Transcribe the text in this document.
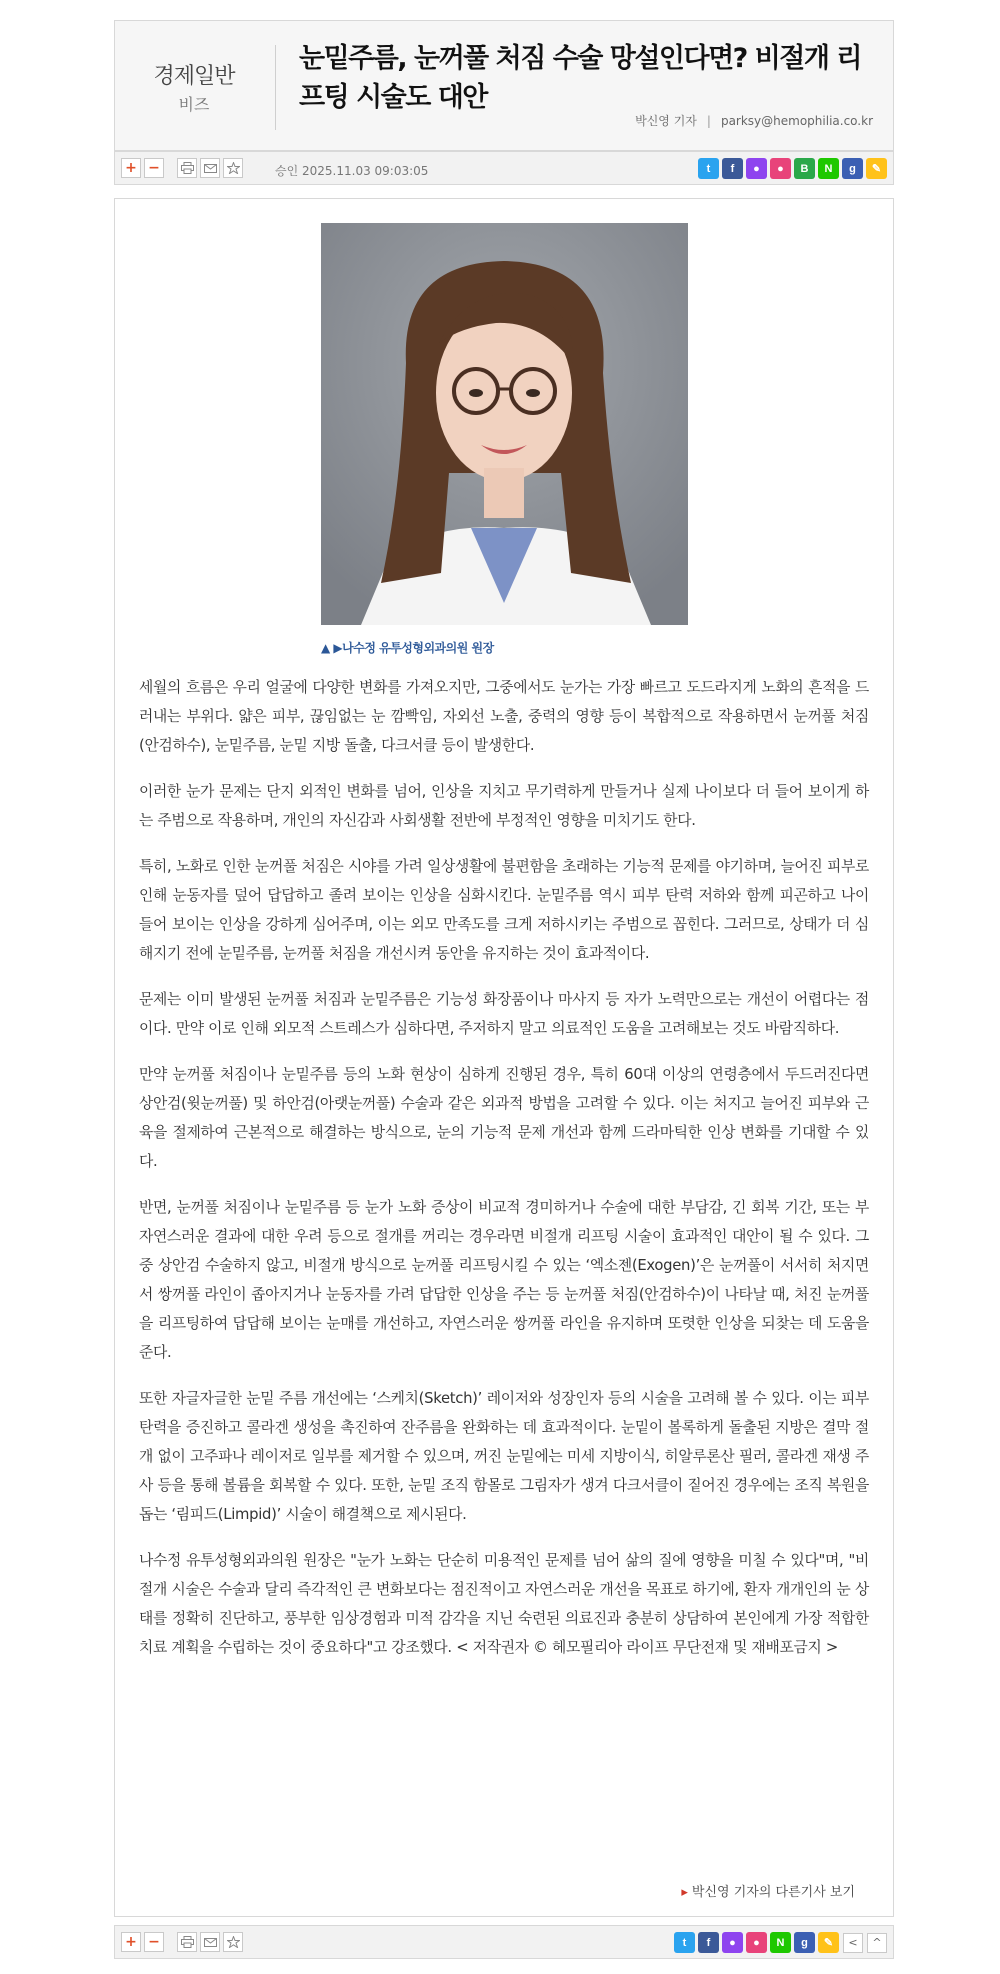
경제일반
비즈
눈밑주름, 눈꺼풀 처짐 수술 망설인다면? 비절개 리프팅 시술도 대안
박신영 기자 | parksy@hemophilia.co.kr
+ −	승인 2025.11.03 09:03:05	t	f	●	●	B	N	g	✎
▲ ▶나수정 유투성형외과의원 원장

세월의 흐름은 우리 얼굴에 다양한 변화를 가져오지만, 그중에서도 눈가는 가장 빠르고 도드라지게 노화의 흔적을 드러내는 부위다. 얇은 피부, 끊임없는 눈 깜빡임, 자외선 노출, 중력의 영향 등이 복합적으로 작용하면서 눈꺼풀 처짐(안검하수), 눈밑주름, 눈밑 지방 돌출, 다크서클 등이 발생한다.

이러한 눈가 문제는 단지 외적인 변화를 넘어, 인상을 지치고 무기력하게 만들거나 실제 나이보다 더 들어 보이게 하는 주범으로 작용하며, 개인의 자신감과 사회생활 전반에 부정적인 영향을 미치기도 한다.

특히, 노화로 인한 눈꺼풀 처짐은 시야를 가려 일상생활에 불편함을 초래하는 기능적 문제를 야기하며, 늘어진 피부로 인해 눈동자를 덮어 답답하고 졸려 보이는 인상을 심화시킨다. 눈밑주름 역시 피부 탄력 저하와 함께 피곤하고 나이 들어 보이는 인상을 강하게 심어주며, 이는 외모 만족도를 크게 저하시키는 주범으로 꼽힌다. 그러므로, 상태가 더 심해지기 전에 눈밑주름, 눈꺼풀 처짐을 개선시켜 동안을 유지하는 것이 효과적이다.

문제는 이미 발생된 눈꺼풀 처짐과 눈밑주름은 기능성 화장품이나 마사지 등 자가 노력만으로는 개선이 어렵다는 점이다. 만약 이로 인해 외모적 스트레스가 심하다면, 주저하지 말고 의료적인 도움을 고려해보는 것도 바람직하다.

만약 눈꺼풀 처짐이나 눈밑주름 등의 노화 현상이 심하게 진행된 경우, 특히 60대 이상의 연령층에서 두드러진다면 상안검(윗눈꺼풀) 및 하안검(아랫눈꺼풀) 수술과 같은 외과적 방법을 고려할 수 있다. 이는 처지고 늘어진 피부와 근육을 절제하여 근본적으로 해결하는 방식으로, 눈의 기능적 문제 개선과 함께 드라마틱한 인상 변화를 기대할 수 있다.

반면, 눈꺼풀 처짐이나 눈밑주름 등 눈가 노화 증상이 비교적 경미하거나 수술에 대한 부담감, 긴 회복 기간, 또는 부자연스러운 결과에 대한 우려 등으로 절개를 꺼리는 경우라면 비절개 리프팅 시술이 효과적인 대안이 될 수 있다. 그중 상안검 수술하지 않고, 비절개 방식으로 눈꺼풀 리프팅시킬 수 있는 ‘엑소젠(Exogen)’은 눈꺼풀이 서서히 처지면서 쌍꺼풀 라인이 좁아지거나 눈동자를 가려 답답한 인상을 주는 등 눈꺼풀 처짐(안검하수)이 나타날 때, 처진 눈꺼풀을 리프팅하여 답답해 보이는 눈매를 개선하고, 자연스러운 쌍꺼풀 라인을 유지하며 또렷한 인상을 되찾는 데 도움을 준다.

또한 자글자글한 눈밑 주름 개선에는 ‘스케치(Sketch)’ 레이저와 성장인자 등의 시술을 고려해 볼 수 있다. 이는 피부 탄력을 증진하고 콜라겐 생성을 촉진하여 잔주름을 완화하는 데 효과적이다. 눈밑이 볼록하게 돌출된 지방은 결막 절개 없이 고주파나 레이저로 일부를 제거할 수 있으며, 꺼진 눈밑에는 미세 지방이식, 히알루론산 필러, 콜라겐 재생 주사 등을 통해 볼륨을 회복할 수 있다. 또한, 눈밑 조직 함몰로 그림자가 생겨 다크서클이 짙어진 경우에는 조직 복원을 돕는 ‘림피드(Limpid)’ 시술이 해결책으로 제시된다.

나수정 유투성형외과의원 원장은 "눈가 노화는 단순히 미용적인 문제를 넘어 삶의 질에 영향을 미칠 수 있다"며, "비절개 시술은 수술과 달리 즉각적인 큰 변화보다는 점진적이고 자연스러운 개선을 목표로 하기에, 환자 개개인의 눈 상태를 정확히 진단하고, 풍부한 임상경험과 미적 감각을 지닌 숙련된 의료진과 충분히 상담하여 본인에게 가장 적합한 치료 계획을 수립하는 것이 중요하다"고 강조했다. < 저작권자 © 헤모필리아 라이프 무단전재 및 재배포금지 >

▸ 박신영 기자의 다른기사 보기
+ −	t	f	●	●	N	g	✎	<	^
